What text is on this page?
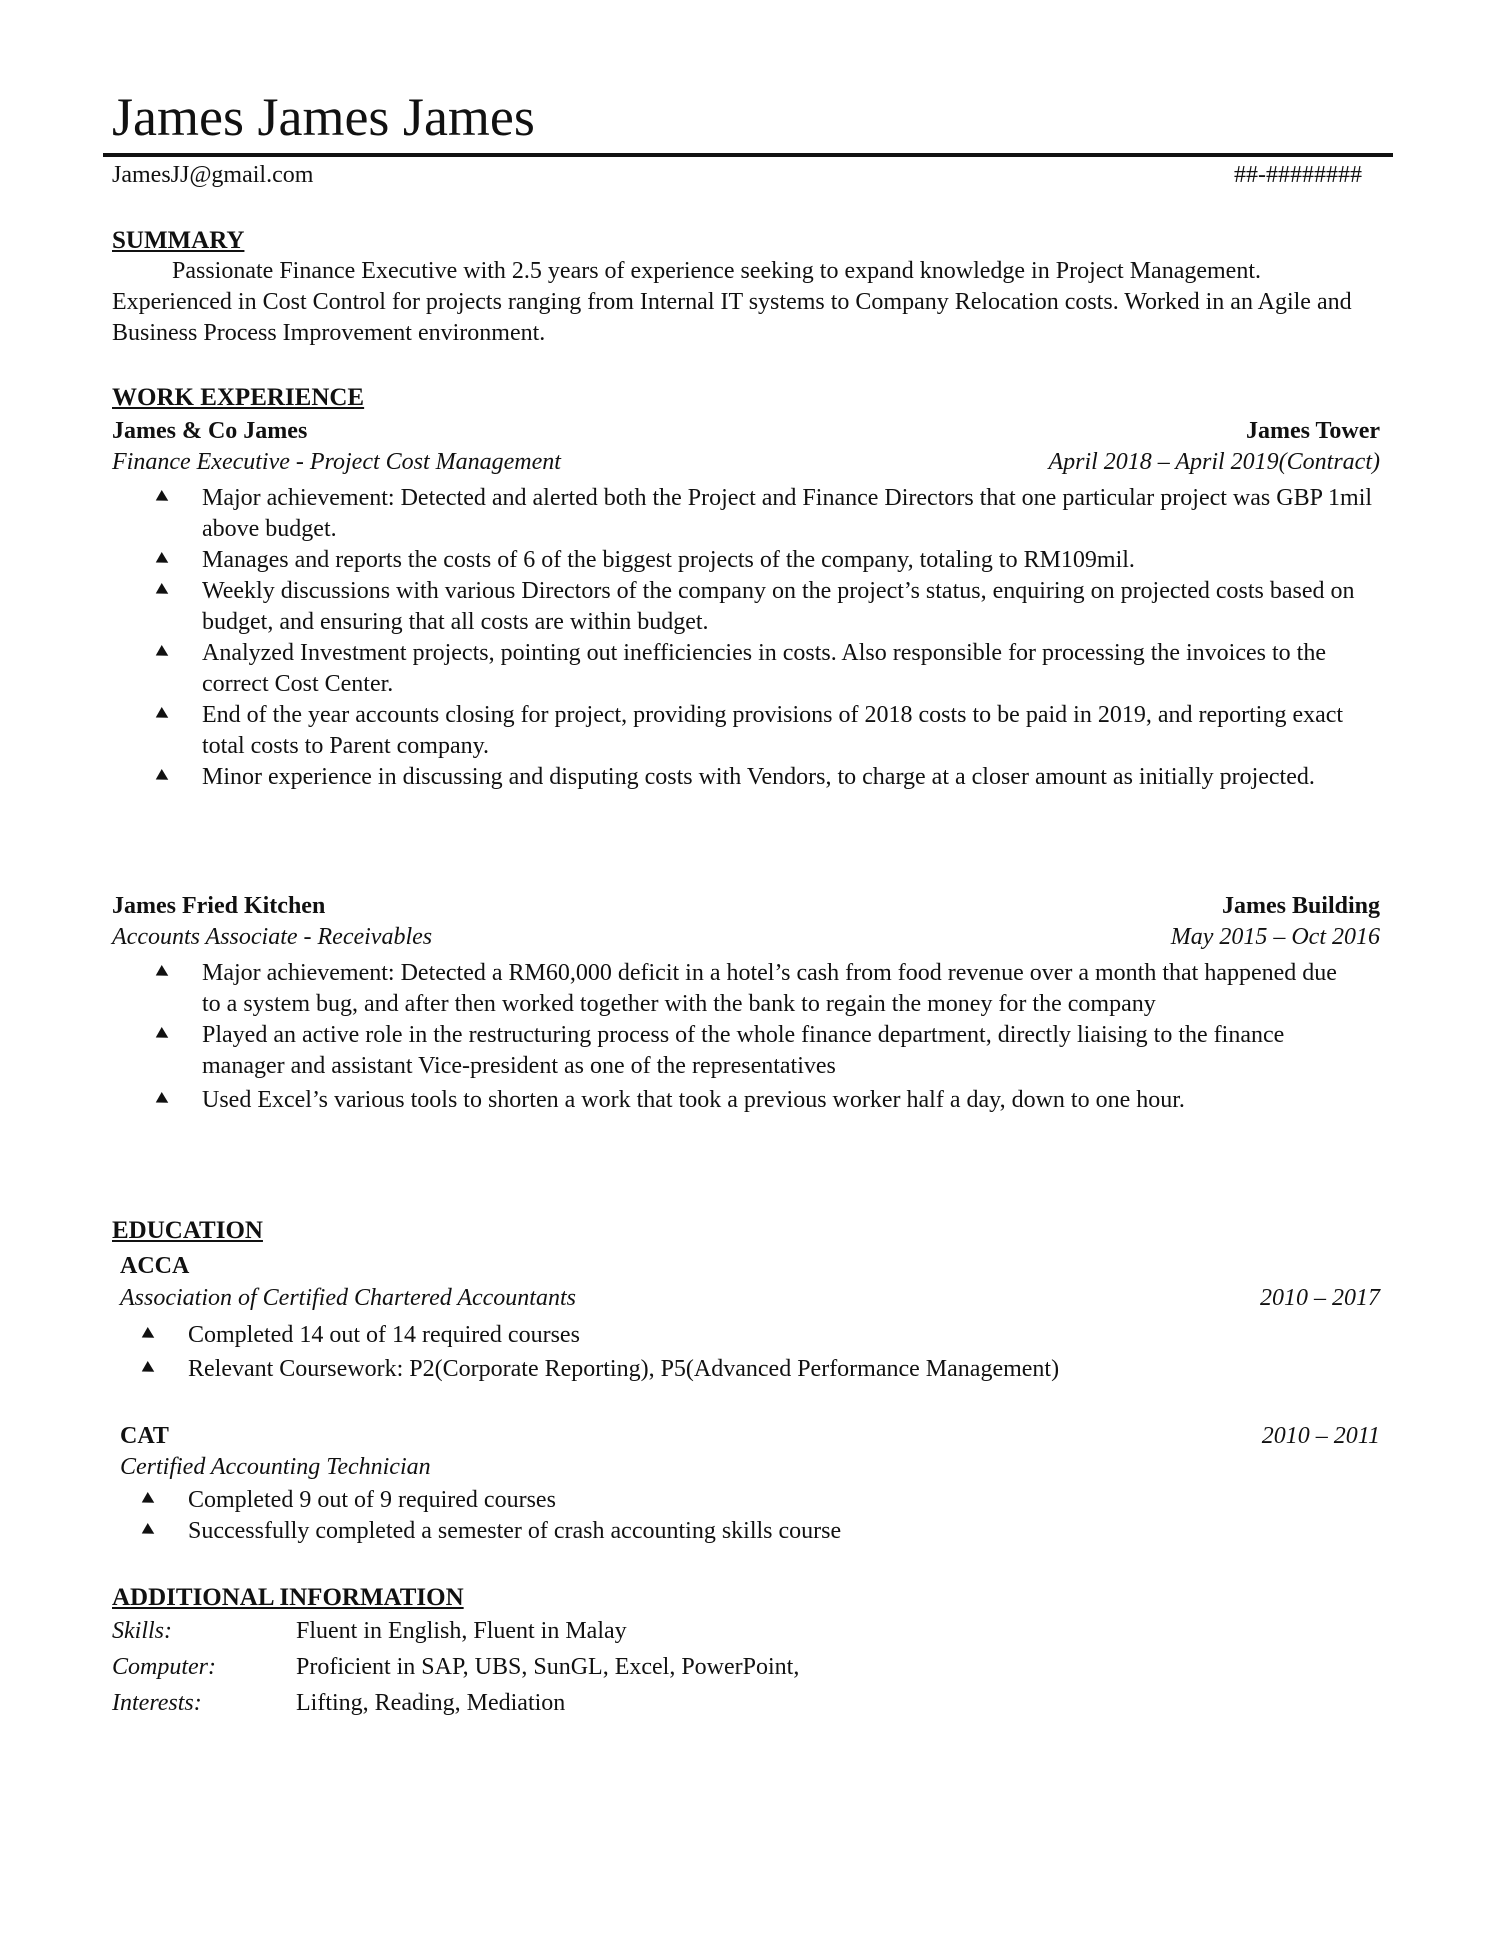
James James James
JamesJJ@gmail.com	##-########
SUMMARY

Passionate Finance Executive with 2.5 years of experience seeking to expand knowledge in Project Management. Experienced in Cost Control for projects ranging from Internal IT systems to Company Relocation costs. Worked in an Agile and Business Process Improvement environment.

WORK EXPERIENCE
James & Co James	James Tower
Finance Executive - Project Cost Management	April 2018 – April 2019(Contract)
Major achievement: Detected and alerted both the Project and Finance Directors that one particular project was GBP 1mil above budget.
Manages and reports the costs of 6 of the biggest projects of the company, totaling to RM109mil.
Weekly discussions with various Directors of the company on the project’s status, enquiring on projected costs based on budget, and ensuring that all costs are within budget.
Analyzed Investment projects, pointing out inefficiencies in costs. Also responsible for processing the invoices to the correct Cost Center.
End of the year accounts closing for project, providing provisions of 2018 costs to be paid in 2019, and reporting exact total costs to Parent company.
Minor experience in discussing and disputing costs with Vendors, to charge at a closer amount as initially projected.
James Fried Kitchen	James Building
Accounts Associate - Receivables	May 2015 – Oct 2016
Major achievement: Detected a RM60,000 deficit in a hotel’s cash from food revenue over a month that happened due to a system bug, and after then worked together with the bank to regain the money for the company
Played an active role in the restructuring process of the whole finance department, directly liaising to the finance manager and assistant Vice-president as one of the representatives
Used Excel’s various tools to shorten a work that took a previous worker half a day, down to one hour.
EDUCATION
ACCA
Association of Certified Chartered Accountants	2010 – 2017
Completed 14 out of 14 required courses
Relevant Coursework: P2(Corporate Reporting), P5(Advanced Performance Management)
CAT	2010 – 2011
Certified Accounting Technician
Completed 9 out of 9 required courses
Successfully completed a semester of crash accounting skills course
ADDITIONAL INFORMATION
Skills:	Fluent in English, Fluent in Malay
Computer:	Proficient in SAP, UBS, SunGL, Excel, PowerPoint,
Interests:	Lifting, Reading, Mediation
